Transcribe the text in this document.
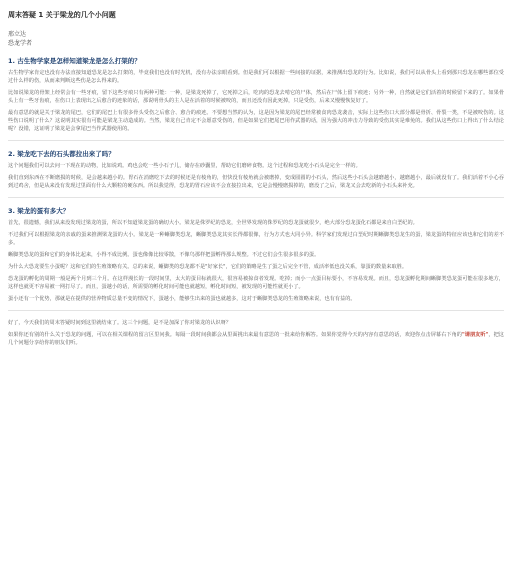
周末答疑 1 关于梁龙的几个小问题
邢立达
恐龙学者
1. 古生物学家是怎样知道梁龙是怎么打架的？

古生物学家肯定也没有办法直接知道恐龙是怎么打架的，毕竟我们也没有时光机，没有办法亲眼看到。但是我们可以根据一些间接的证据，来推测出恐龙的行为。比如说，我们可以从骨头上看到那只恐龙在哪些部位受过什么样的伤，从而来判断这些伤是怎么得来的。

比如说梁龙的骨架上经常会有一些牙痕，留下这些牙痕只有两种可能：一种，是梁龙死掉了，它死掉之后，吃肉的恐龙去啃它的尸体，然后在尸体上留下痕迹；另外一种，自然就是它们活着的时候留下来的了。如果骨头上有一些牙齿痕，在伤口上表现出之后愈合的迹象的话，那说明骨头的主人是在活着的时候被咬的，而且还没有因此死掉，只是受伤，后来又慢慢恢复好了。

最有意思的就是关于梁龙的尾巴，它们的尾巴上有很多骨头受伤之后愈合、愈合的痕迹。不要想当然的认为，这是因为梁龙的尾巴经常被食肉恐龙袭击，实际上这些伤口大部分都是骨折、骨裂一类，不是被咬伤的。这些伤口说明了什么？这说明其实很有可能是梁龙主动造成的。当然，梁龙自己肯定不会愿意受伤的，但是如果它们把尾巴用作武器的话，因为强大的冲击力导致的受伤其实是难免的。我们从这些伤口上得出了什么结论呢？没错，这证明了梁龙是会拿尾巴当作武器使用的。

2. 梁龙吃下去的石头都拉出来了吗？

这个问题我们可以去问一下现在的动物，比如说鸡。鸡也会吃一些小石子儿，储存在砂囊里，帮助它们磨碎食物。这个过程和恐龙吃小石头是完全一样的。

我们直到东西在不断磨损的时候，是会越来越小的。胃石在消磨吃下去的时候还是有棱角的，但快没有棱角就会被磨掉，变成圆圆的小石头，然后这些小石头会越磨越小，越磨越小，最后就没有了。我们活着不小心吞到过鸡舍，但是从来没有发现过里面有什么大颗粒的硬东西。所以我觉得，恐龙的胃石应该不会直接拉出来，它是会慢慢磨损掉的，磨没了之后，梁龙又会去吃新的小石头来补充。

3. 梁龙的蛋有多大？

首先，很遗憾，我们从来没发现过梁龙的蛋，所以不知道梁龙蛋的确切大小。梁龙是侏罗纪的恐龙，全世界发现的侏罗纪的恐龙蛋就很少，绝大部分恐龙蛋化石都是来自白垩纪的。

不过我们可以根据梁龙的亲戚的蛋来推测梁龙蛋的大小。梁龙是一种蜥脚类恐龙，蜥脚类恐龙其实长得都很像，行为方式也大同小异。科学家们发现过白垩纪时期蜥脚类恐龙生的蛋，梁龙蛋的特征应该也和它们的差不多。

蜥脚类恐龙的蛋和它们的身体比起来，小得不成比例。蛋也像像比较零散，不像鸟那样把蛋孵得那么规整。不过它们会生很多很多的蛋。

为什么大恐龙要生小蛋呢？这和它们的生殖策略有关。总的来说，蜥脚类的恐龙都不是"好家长"，它们的策略是生了蛋之后完全不管，成活率低也没关系，靠蛋的数量来取胜。

恐龙蛋的孵化的周期一般是两个月到三个月。在这样漫长的一段时间里，太大的蛋目标就很大，很容易被掠食者发现。吃掉；而小一点蛋目标要小，不容易发现。而且，恐龙蛋孵化期间蜥脚类恐龙蛋可能在很多地方，这样也就更不容易被一网打尽了。而且，蛋越小的话，所需要的孵化时间可能也就越短，孵化时间短，被发现的可能性就更小了。

蛋小还有一个优势，那就是在提供的营养物质总量不变的情况下，蛋越小，能够生出来的蛋也就越多，这对于蜥脚类恐龙的生殖策略来说，也有有益的。

好了，今天我们的周末答疑时间到这里就结束了。这三个问题，是不是加深了你对梁龙的认识呀？

如果你还有别的什么关于恐龙的问题，可以在相关课程的留言区里问我。每隔一段时间我都会从里面挑出来最有意思的一批来给你解答。如果你觉得今天的内容有意思的话，欢迎你点击屏幕右下角的"请朋友听"，把这几个问题分享给你的朋友们听。
